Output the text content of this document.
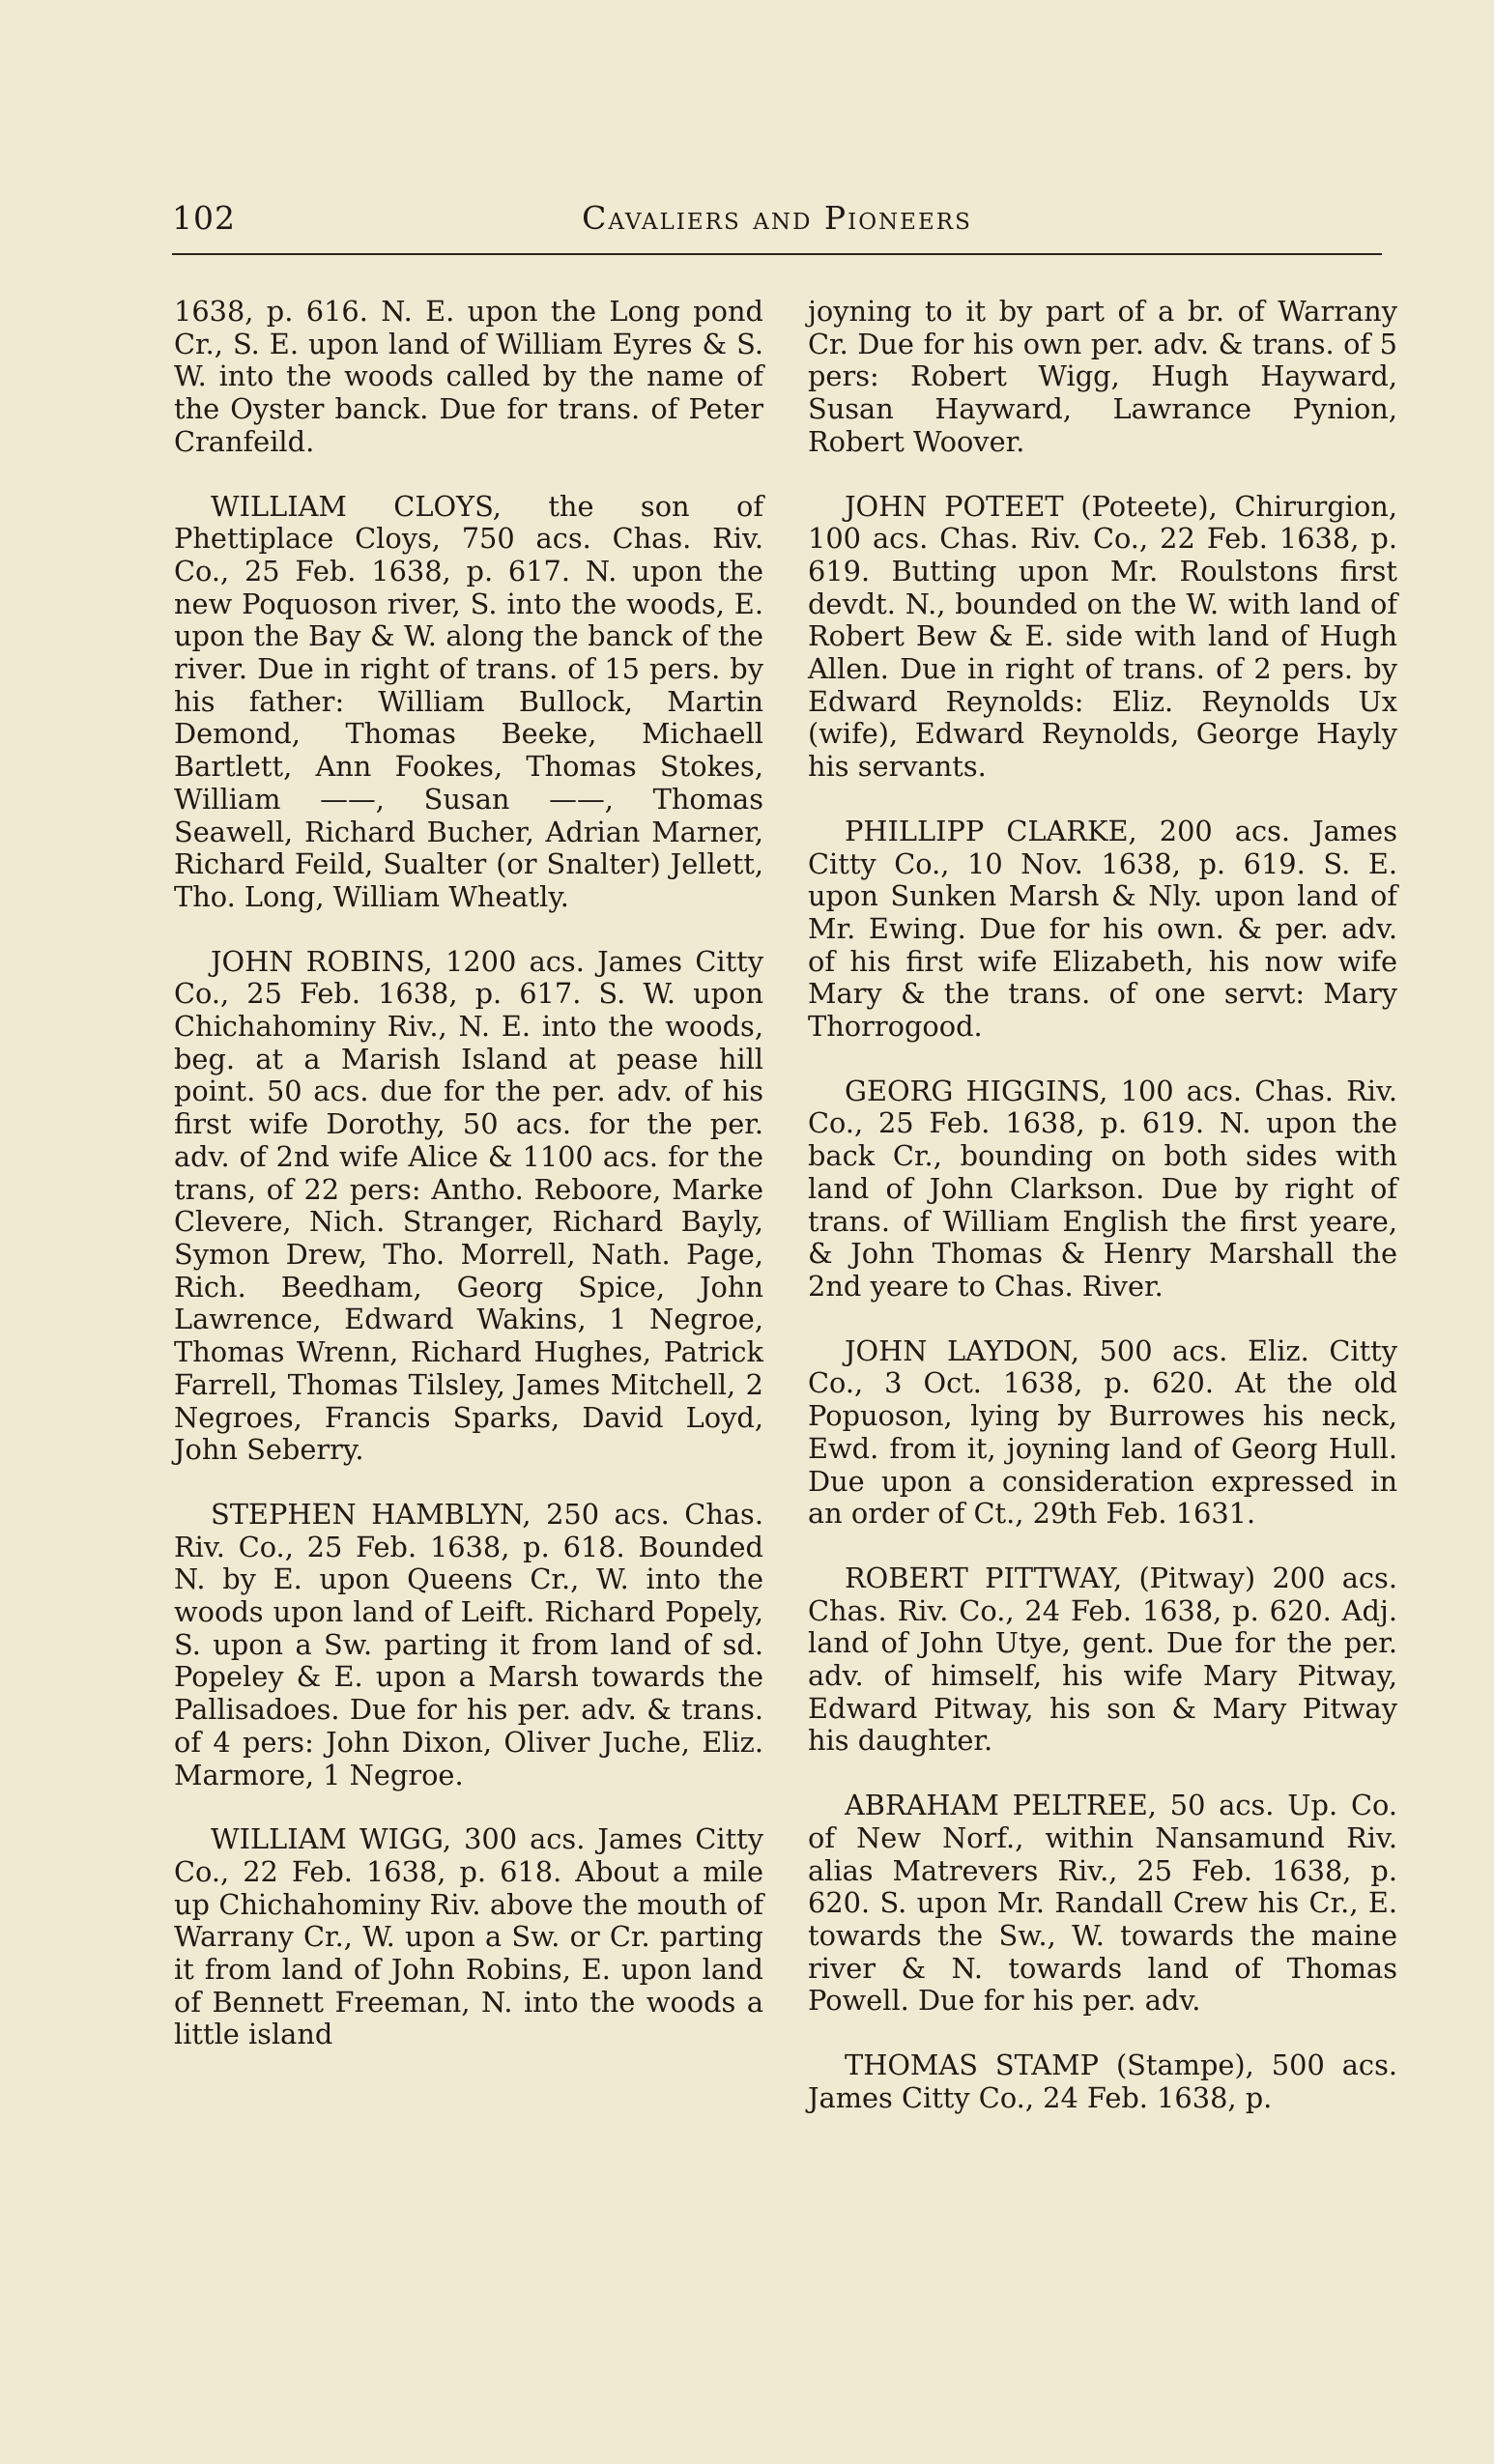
102	Cavaliers and Pioneers

1638, p. 616. N. E. upon the Long pond Cr., S. E. upon land of William Eyres & S. W. into the woods called by the name of the Oyster banck. Due for trans. of Peter Cranfeild.

WILLIAM CLOYS, the son of Phettiplace Cloys, 750 acs. Chas. Riv. Co., 25 Feb. 1638, p. 617. N. upon the new Poquoson river, S. into the woods, E. upon the Bay & W. along the banck of the river. Due in right of trans. of 15 pers. by his father: William Bullock, Martin Demond, Thomas Beeke, Michaell Bartlett, Ann Fookes, Thomas Stokes, William ——, Susan ——, Thomas Seawell, Richard Bucher, Adrian Marner, Richard Feild, Sualter (or Snalter) Jellett, Tho. Long, William Wheatly.

JOHN ROBINS, 1200 acs. James Citty Co., 25 Feb. 1638, p. 617. S. W. upon Chichahominy Riv., N. E. into the woods, beg. at a Marish Island at pease hill point. 50 acs. due for the per. adv. of his first wife Dorothy, 50 acs. for the per. adv. of 2nd wife Alice & 1100 acs. for the trans, of 22 pers: Antho. Reboore, Marke Clevere, Nich. Stranger, Richard Bayly, Symon Drew, Tho. Morrell, Nath. Page, Rich. Beedham, Georg Spice, John Lawrence, Edward Wakins, 1 Negroe, Thomas Wrenn, Richard Hughes, Patrick Farrell, Thomas Tilsley, James Mitchell, 2 Negroes, Francis Sparks, David Loyd, John Seberry.

STEPHEN HAMBLYN, 250 acs. Chas. Riv. Co., 25 Feb. 1638, p. 618. Bounded N. by E. upon Queens Cr., W. into the woods upon land of Leift. Richard Popely, S. upon a Sw. parting it from land of sd. Popeley & E. upon a Marsh towards the Pallisadoes. Due for his per. adv. & trans. of 4 pers: John Dixon, Oliver Juche, Eliz. Marmore, 1 Negroe.

WILLIAM WIGG, 300 acs. James Citty Co., 22 Feb. 1638, p. 618. About a mile up Chichahominy Riv. above the mouth of Warrany Cr., W. upon a Sw. or Cr. parting it from land of John Robins, E. upon land of Bennett Freeman, N. into the woods a little island

joyning to it by part of a br. of Warrany Cr. Due for his own per. adv. & trans. of 5 pers: Robert Wigg, Hugh Hayward, Susan Hayward, Lawrance Pynion, Robert Woover.

JOHN POTEET (Poteete), Chirurgion, 100 acs. Chas. Riv. Co., 22 Feb. 1638, p. 619. Butting upon Mr. Roulstons first devdt. N., bounded on the W. with land of Robert Bew & E. side with land of Hugh Allen. Due in right of trans. of 2 pers. by Edward Reynolds: Eliz. Reynolds Ux (wife), Edward Reynolds, George Hayly his servants.

PHILLIPP CLARKE, 200 acs. James Citty Co., 10 Nov. 1638, p. 619. S. E. upon Sunken Marsh & Nly. upon land of Mr. Ewing. Due for his own. & per. adv. of his first wife Elizabeth, his now wife Mary & the trans. of one servt: Mary Thorrogood.

GEORG HIGGINS, 100 acs. Chas. Riv. Co., 25 Feb. 1638, p. 619. N. upon the back Cr., bounding on both sides with land of John Clarkson. Due by right of trans. of William English the first yeare, & John Thomas & Henry Marshall the 2nd yeare to Chas. River.

JOHN LAYDON, 500 acs. Eliz. Citty Co., 3 Oct. 1638, p. 620. At the old Popuoson, lying by Burrowes his neck, Ewd. from it, joyning land of Georg Hull. Due upon a consideration expressed in an order of Ct., 29th Feb. 1631.

ROBERT PITTWAY, (Pitway) 200 acs. Chas. Riv. Co., 24 Feb. 1638, p. 620. Adj. land of John Utye, gent. Due for the per. adv. of himself, his wife Mary Pitway, Edward Pitway, his son & Mary Pitway his daughter.

ABRAHAM PELTREE, 50 acs. Up. Co. of New Norf., within Nansamund Riv. alias Matrevers Riv., 25 Feb. 1638, p. 620. S. upon Mr. Randall Crew his Cr., E. towards the Sw., W. towards the maine river & N. towards land of Thomas Powell. Due for his per. adv.

THOMAS STAMP (Stampe), 500 acs. James Citty Co., 24 Feb. 1638, p.
